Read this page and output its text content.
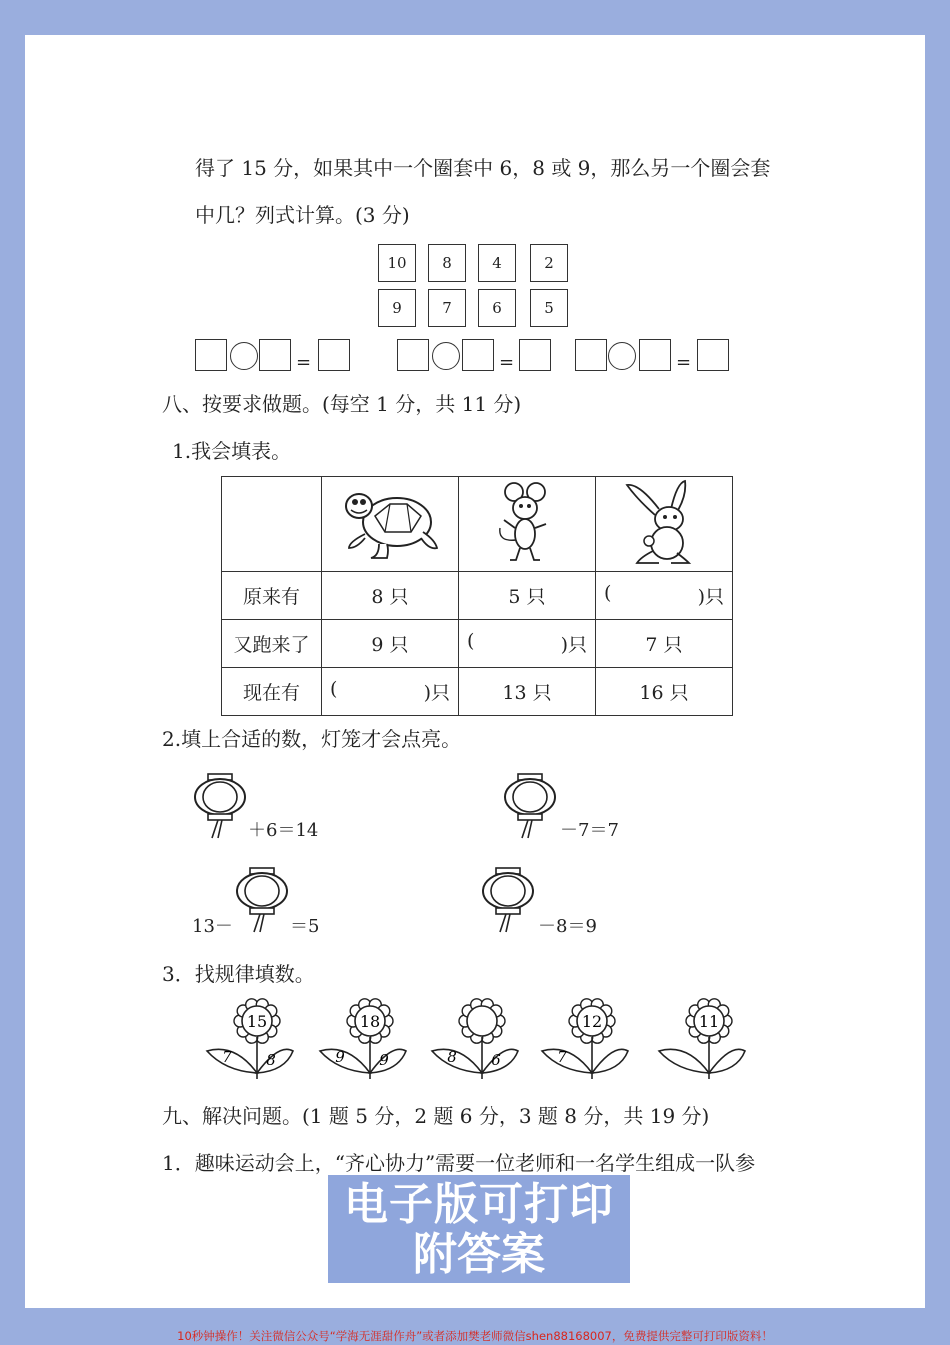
得了 15 分，如果其中一个圈套中 6，8 或 9，那么另一个圈会套
中几？列式计算。(3 分)
10	8	4	2
9	7	6	5
=	=	=
八、按要求做题。(每空 1 分，共 11 分)
1.我会填表。

原来有	8 只	5 只	( )只

又跑来了	9 只	( )只	7 只
现在有	( )只	13 只	16 只
2.填上合适的数，灯笼才会点亮。
＋6＝14	－7＝7
13－	＝5	－8＝9
3．找规律填数。
15
7 8
18
9 9	8 6
12
7
11
九、解决问题。(1 题 5 分，2 题 6 分，3 题 8 分，共 19 分)
1．趣味运动会上，“齐心协力”需要一位老师和一名学生组成一队参
电子版可打印
附答案
10秒钟操作！关注微信公众号“学海无涯甜作舟”或者添加樊老师微信shen88168007，免费提供完整可打印版资料！
